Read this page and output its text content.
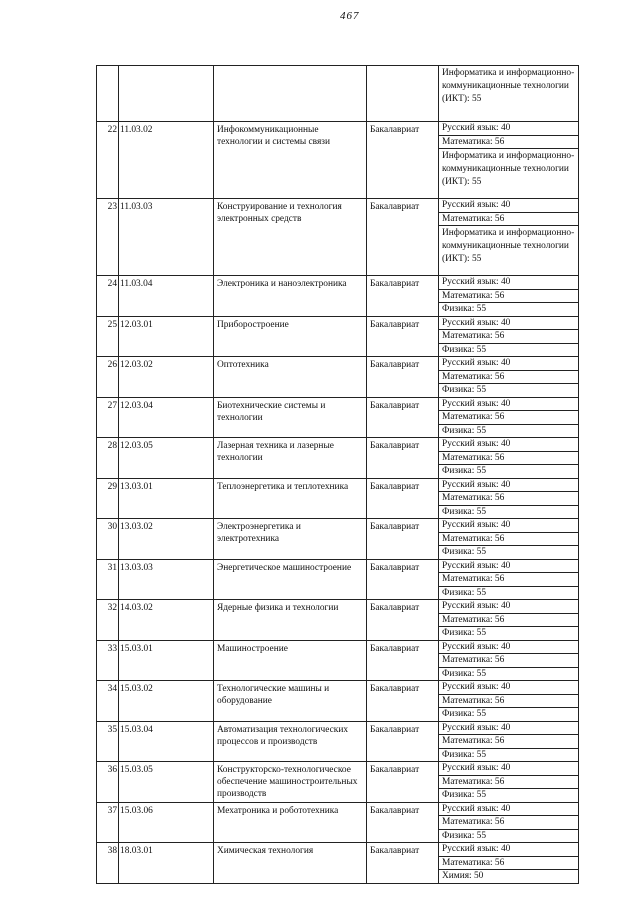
467

				Информатика и информационно-коммуникационные технологии (ИКТ): 55

22	11.03.02	Инфокоммуникационные технологии и системы связи	Бакалавриат	Русский язык: 40
Математика: 56
Информатика и информационно-коммуникационные технологии (ИКТ): 55

23	11.03.03	Конструирование и технология электронных средств	Бакалавриат	Русский язык: 40
Математика: 56
Информатика и информационно-коммуникационные технологии (ИКТ): 55

24	11.03.04	Электроника и наноэлектроника	Бакалавриат	Русский язык: 40
Математика: 56
Физика: 55

25	12.03.01	Приборостроение	Бакалавриат	Русский язык: 40
Математика: 56
Физика: 55

26	12.03.02	Оптотехника	Бакалавриат	Русский язык: 40
Математика: 56
Физика: 55

27	12.03.04	Биотехнические системы и технологии	Бакалавриат	Русский язык: 40
Математика: 56
Физика: 55

28	12.03.05	Лазерная техника и лазерные технологии	Бакалавриат	Русский язык: 40
Математика: 56
Физика: 55

29	13.03.01	Теплоэнергетика и теплотехника	Бакалавриат	Русский язык: 40
Математика: 56
Физика: 55

30	13.03.02	Электроэнергетика и электротехника	Бакалавриат	Русский язык: 40
Математика: 56
Физика: 55

31	13.03.03	Энергетическое машиностроение	Бакалавриат	Русский язык: 40
Математика: 56
Физика: 55

32	14.03.02	Ядерные физика и технологии	Бакалавриат	Русский язык: 40
Математика: 56
Физика: 55

33	15.03.01	Машиностроение	Бакалавриат	Русский язык: 40
Математика: 56
Физика: 55

34	15.03.02	Технологические машины и оборудование	Бакалавриат	Русский язык: 40
Математика: 56
Физика: 55

35	15.03.04	Автоматизация технологических процессов и производств	Бакалавриат	Русский язык: 40
Математика: 56
Физика: 55

36	15.03.05	Конструкторско-технологическое обеспечение машиностроительных производств	Бакалавриат	Русский язык: 40
Математика: 56
Физика: 55

37	15.03.06	Мехатроника и робототехника	Бакалавриат	Русский язык: 40
Математика: 56
Физика: 55

38	18.03.01	Химическая технология	Бакалавриат	Русский язык: 40
Математика: 56
Химия: 50
